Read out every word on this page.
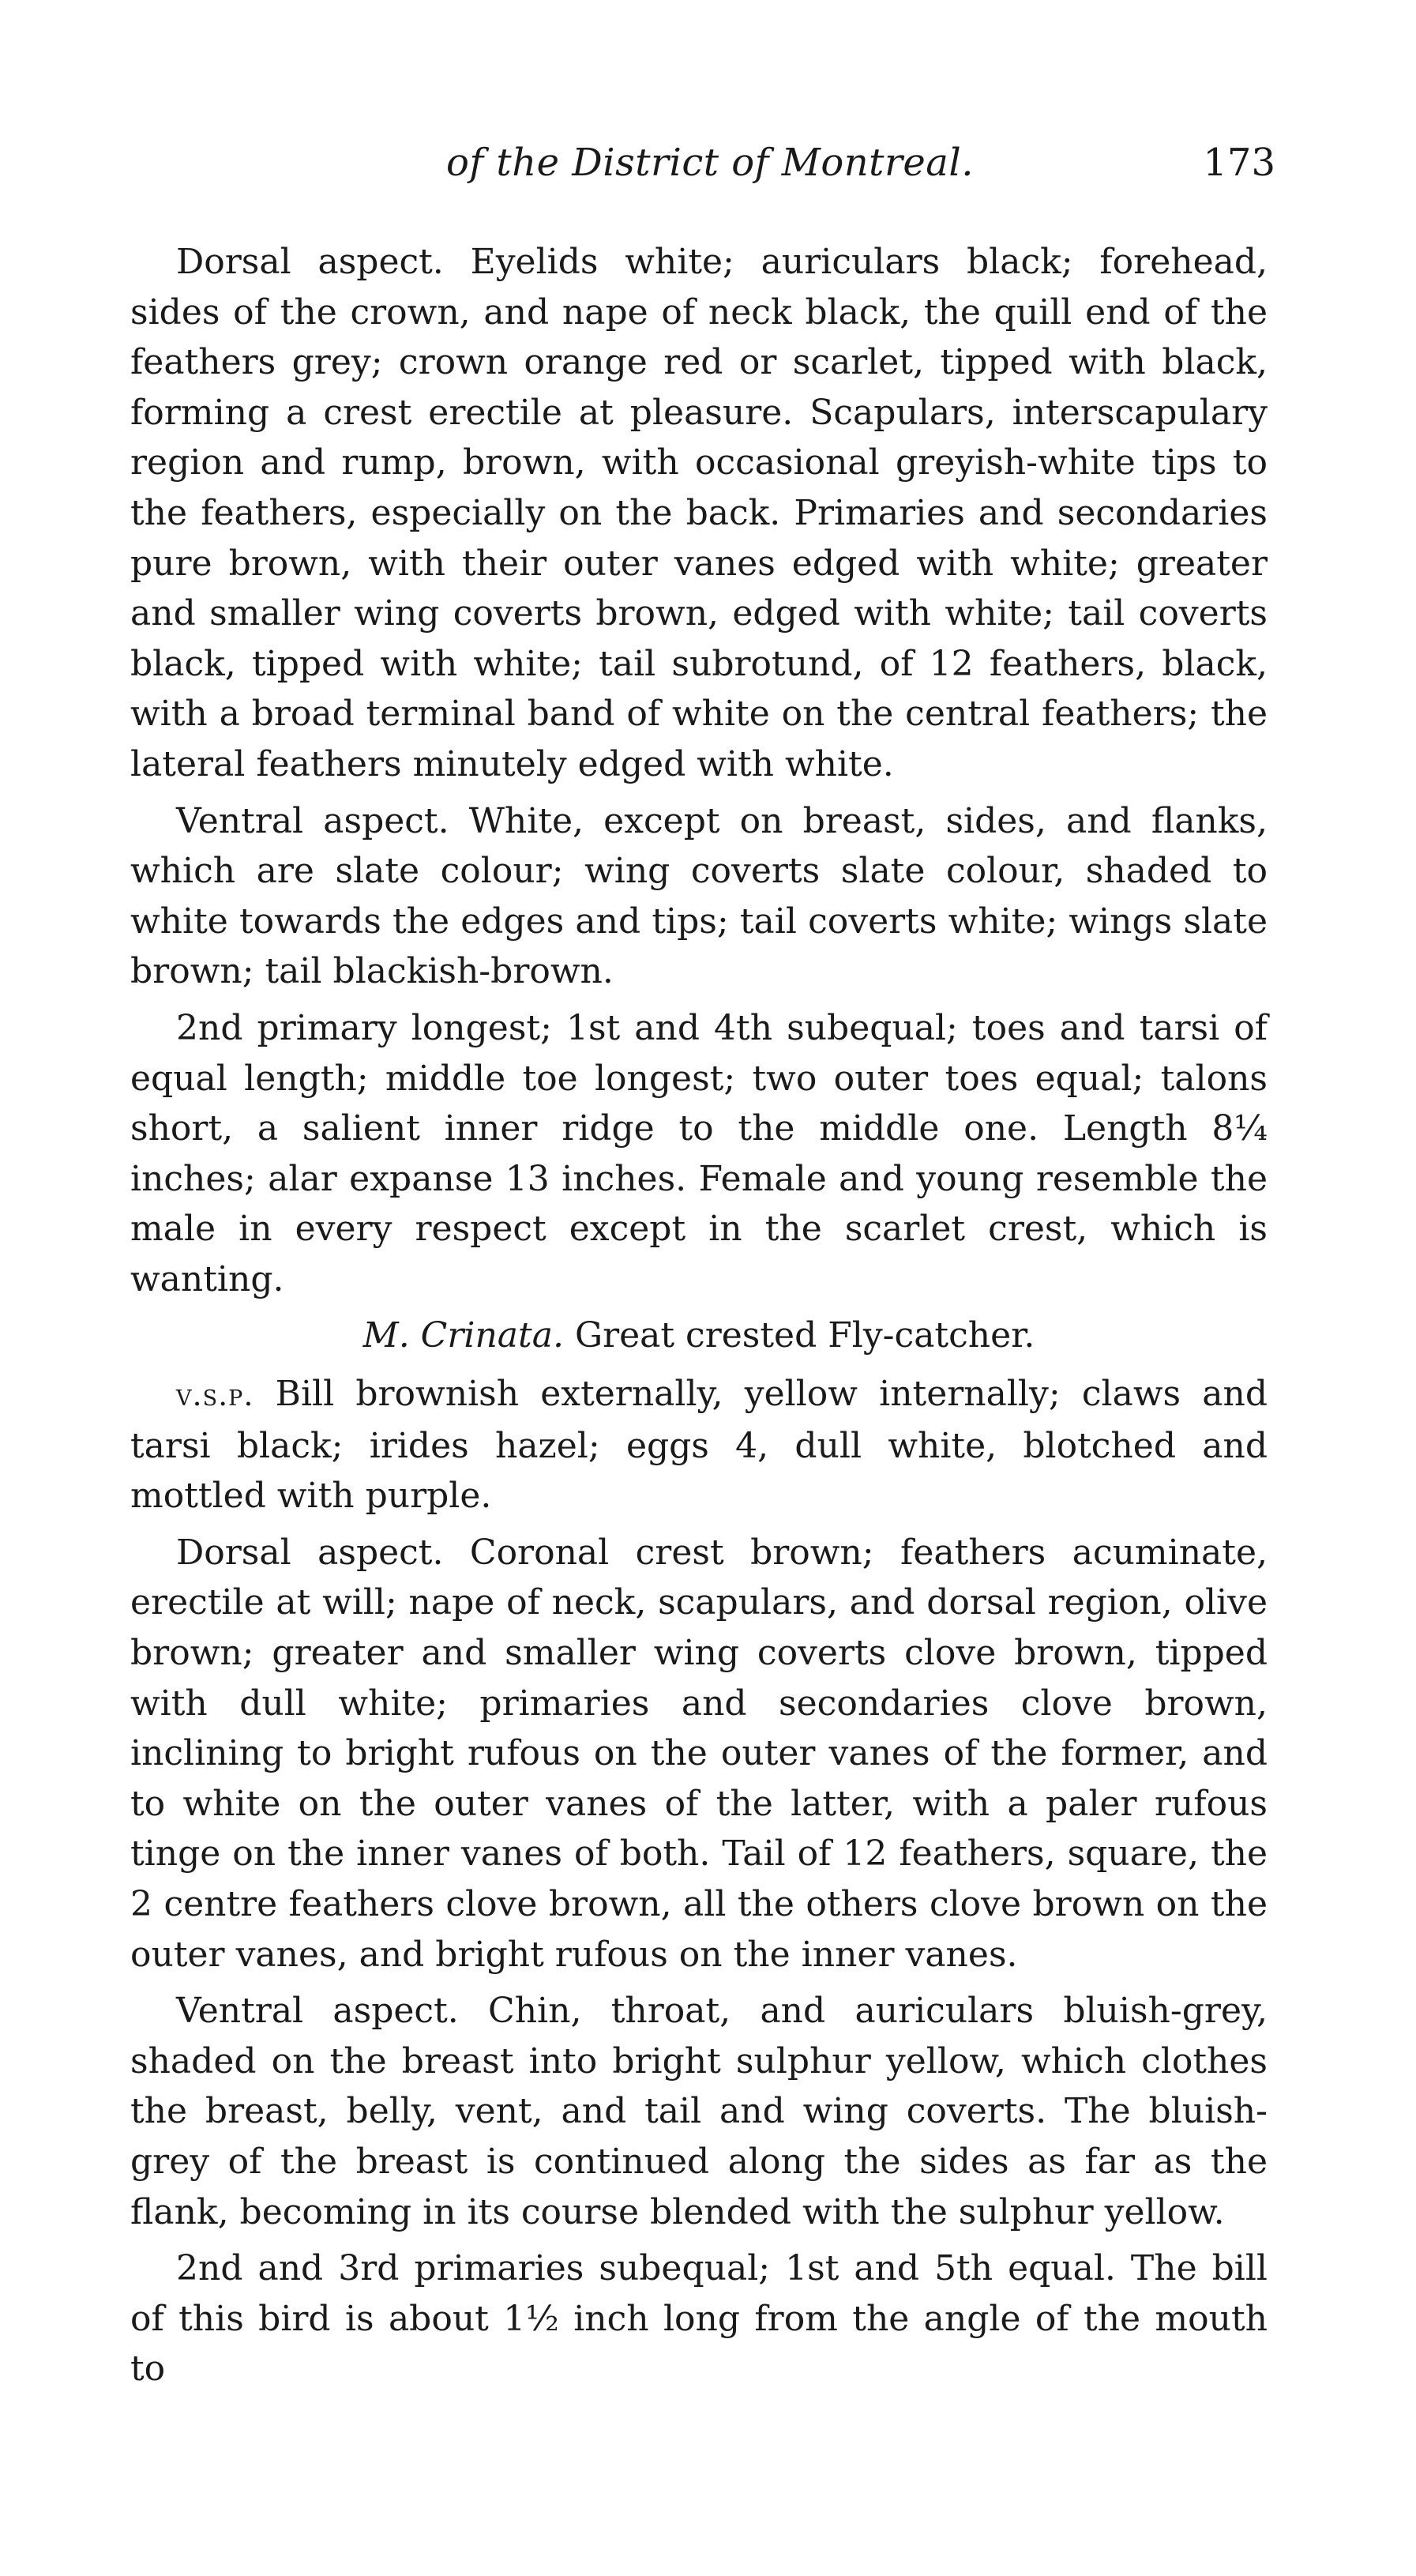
of the District of Montreal.	173

Dorsal aspect. Eyelids white; auriculars black; forehead, sides of the crown, and nape of neck black, the quill end of the feathers grey; crown orange red or scarlet, tipped with black, forming a crest erectile at pleasure. Scapulars, interscapulary region and rump, brown, with occasional greyish-white tips to the feathers, especially on the back. Primaries and secondaries pure brown, with their outer vanes edged with white; greater and smaller wing coverts brown, edged with white; tail coverts black, tipped with white; tail subrotund, of 12 feathers, black, with a broad terminal band of white on the central feathers; the lateral feathers minutely edged with white.

Ventral aspect. White, except on breast, sides, and flanks, which are slate colour; wing coverts slate colour, shaded to white towards the edges and tips; tail coverts white; wings slate brown; tail blackish-brown.

2nd primary longest; 1st and 4th subequal; toes and tarsi of equal length; middle toe longest; two outer toes equal; talons short, a salient inner ridge to the middle one. Length 8¼ inches; alar expanse 13 inches. Female and young resemble the male in every respect except in the scarlet crest, which is wanting.

M. Crinata. Great crested Fly-catcher.

v.s.p. Bill brownish externally, yellow internally; claws and tarsi black; irides hazel; eggs 4, dull white, blotched and mottled with purple.

Dorsal aspect. Coronal crest brown; feathers acuminate, erectile at will; nape of neck, scapulars, and dorsal region, olive brown; greater and smaller wing coverts clove brown, tipped with dull white; primaries and secondaries clove brown, inclining to bright rufous on the outer vanes of the former, and to white on the outer vanes of the latter, with a paler rufous tinge on the inner vanes of both. Tail of 12 feathers, square, the 2 centre feathers clove brown, all the others clove brown on the outer vanes, and bright rufous on the inner vanes.

Ventral aspect. Chin, throat, and auriculars bluish-grey, shaded on the breast into bright sulphur yellow, which clothes the breast, belly, vent, and tail and wing coverts. The bluish-grey of the breast is continued along the sides as far as the flank, becoming in its course blended with the sulphur yellow.

2nd and 3rd primaries subequal; 1st and 5th equal. The bill of this bird is about 1½ inch long from the angle of the mouth to
